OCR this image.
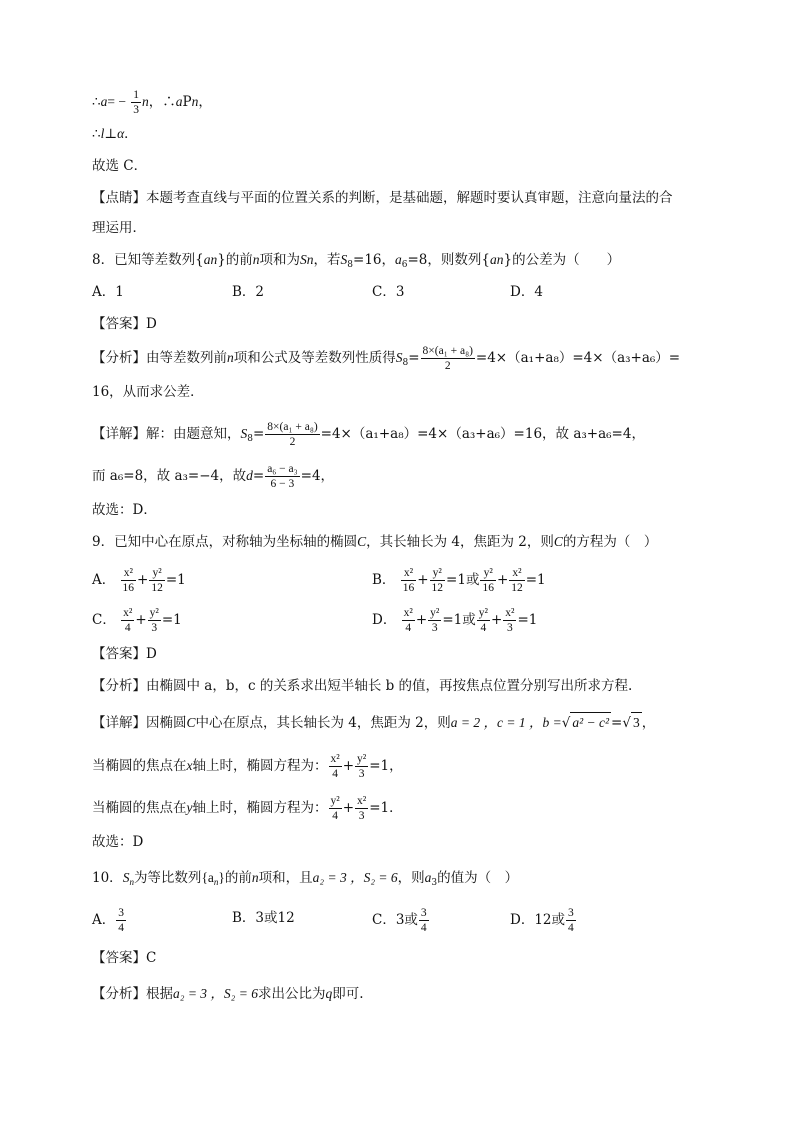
∴a= − $\frac{1}{3}$ n，∴aPn，
∴l⊥α．
故选 C．
【点睛】本题考查直线与平面的位置关系的判断，是基础题，解题时要认真审题，注意向量法的合
理运用．
8．已知等差数列{an}的前n项和为Sn，若$S_8=16$，$a_6=8$，则数列{an}的公差为（　　）
A．1	B．2	C．3	D．4
【答案】D
【分析】由等差数列前n项和公式及等差数列性质得$S_8= \frac{\text{8×(a₁ + a₈)}}{2} =4\times(a_1+a_8)=4\times(a_3+a_6)=$
16，从而求公差．
【详解】解：由题意知，$S_8= \frac{\text{8×(a₁ + a₈)}}{2} =4\times(a_1+a_8)=4\times(a_3+a_6)=16$，故 a₃+a₆=4，
而 a₆=8，故 a₃=−4，故$d= \frac{\text{a₆ − a₃}}{6 - 3} =4$，
故选：D．
9．已知中心在原点，对称轴为坐标轴的椭圆C，其长轴长为 4，焦距为 2，则C的方程为（　）
A． $\frac{\text{x²}}{16} + \frac{\text{y²}}{12} =1$	B． $\frac{\text{x²}}{16} + \frac{\text{y²}}{12} =1$或 $\frac{\text{y²}}{16} + \frac{\text{x²}}{12} =1$
C． $\frac{\text{x²}}{4} + \frac{\text{y²}}{3} =1$	D． $\frac{\text{x²}}{4} + \frac{\text{y²}}{3} =1$或 $\frac{\text{y²}}{4} + \frac{\text{x²}}{3} =1$
【答案】D
【分析】由椭圆中 a，b，c 的关系求出短半轴长 b 的值，再按焦点位置分别写出所求方程.
【详解】因椭圆C中心在原点，其长轴长为 4，焦距为 2，则a = 2 ，c = 1 ，b =√ a² − c² =√ 3 ，
当椭圆的焦点在x轴上时，椭圆方程为： $\frac{\text{x²}}{4} + \frac{\text{y²}}{3} =1$，
当椭圆的焦点在y轴上时，椭圆方程为： $\frac{\text{y²}}{4} + \frac{\text{x²}}{3} =1$．
故选：D
10．$S_n$为等比数列$\{a_n\}$的前n项和，且a₂ = 3 ，S₂ = 6，则$a_3$的值为（　）
A． $\frac{3}{4}$	B．3或12	C．3或 $\frac{3}{4}$	D．12或 $\frac{3}{4}$
【答案】C
【分析】根据a₂ = 3 ，S₂ = 6求出公比为q即可.
